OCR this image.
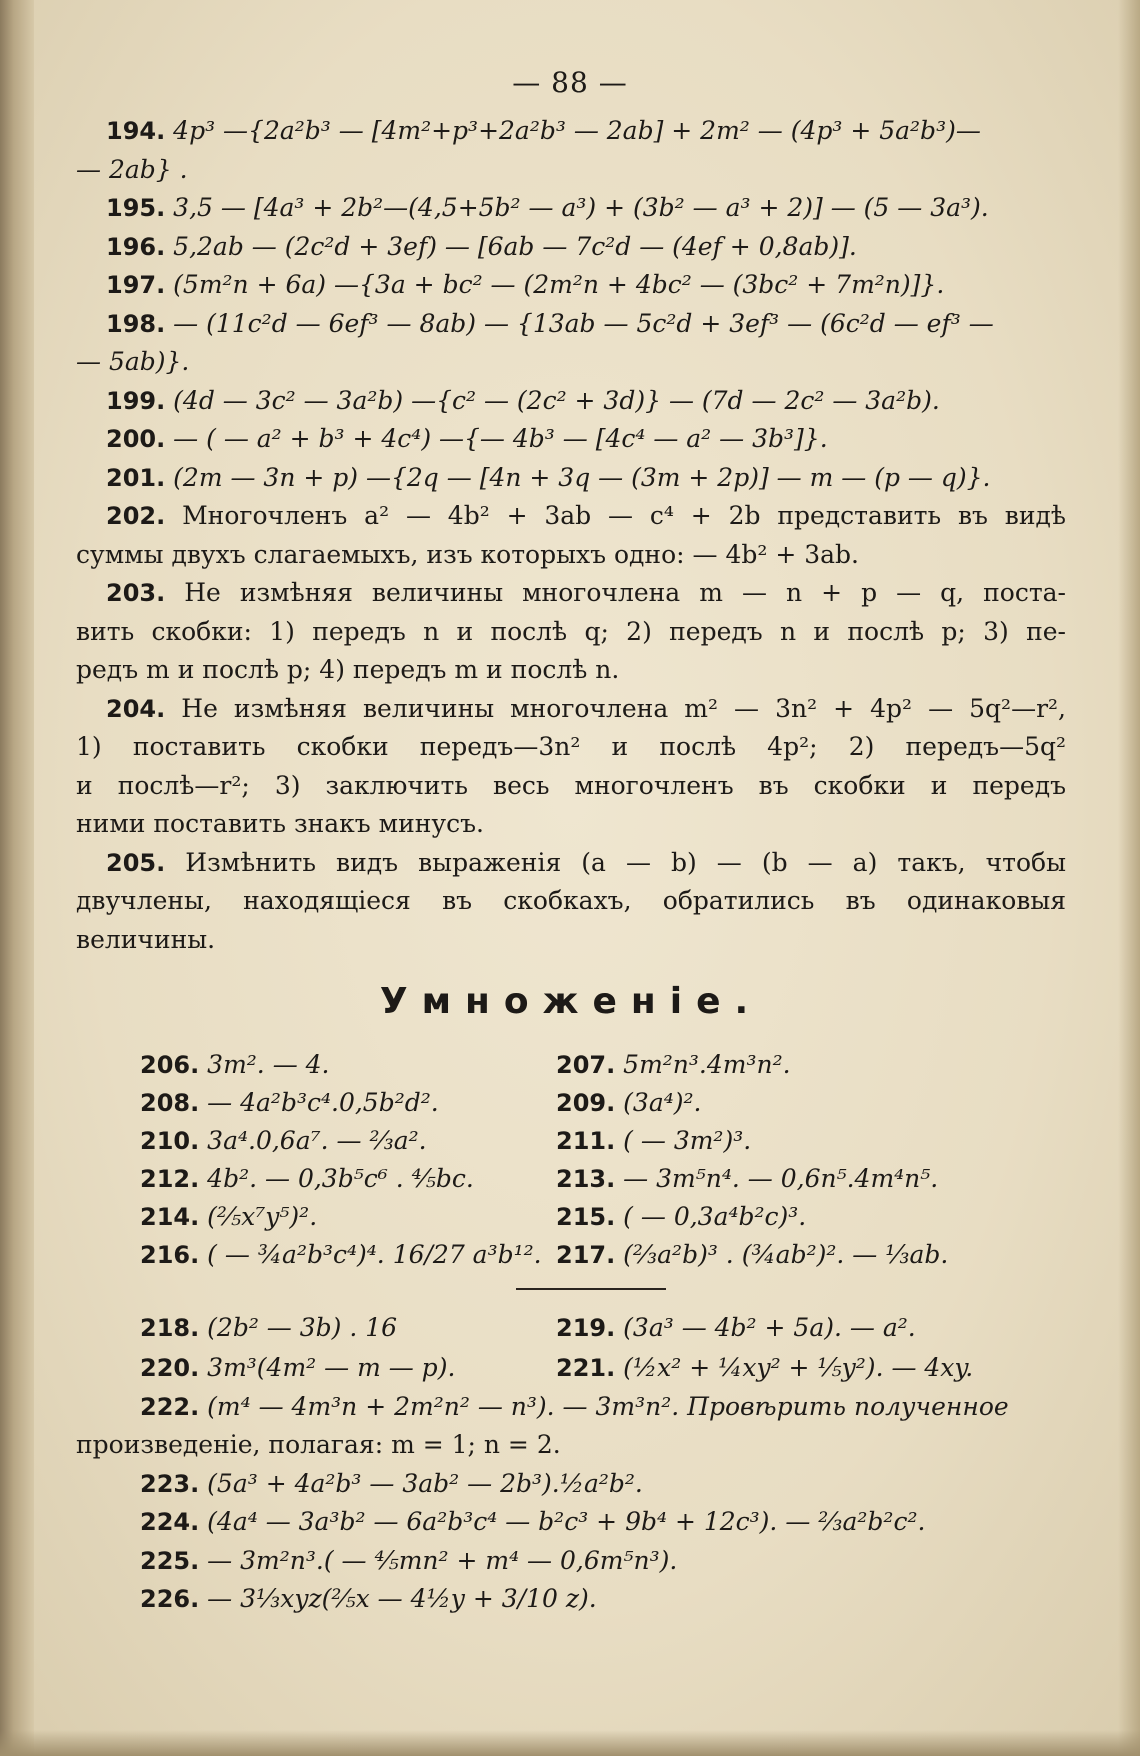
— 88 —
194. 4p³ —{2a²b³ — [4m²+p³+2a²b³ — 2ab] + 2m² — (4p³ + 5a²b³)—
— 2ab} .
195. 3,5 — [4a³ + 2b²—(4,5+5b² — a³) + (3b² — a³ + 2)] — (5 — 3a³).
196. 5,2ab — (2c²d + 3ef) — [6ab — 7c²d — (4ef + 0,8ab)].
197. (5m²n + 6a) —{3a + bc² — (2m²n + 4bc² — (3bc² + 7m²n)]}.
198. — (11c²d — 6ef³ — 8ab) — {13ab — 5c²d + 3ef³ — (6c²d — ef³ —
— 5ab)}.
199. (4d — 3c² — 3a²b) —{c² — (2c² + 3d)} — (7d — 2c² — 3a²b).
200. — ( — a² + b³ + 4c⁴) —{— 4b³ — [4c⁴ — a² — 3b³]}.
201. (2m — 3n + p) —{2q — [4n + 3q — (3m + 2p)] — m — (p — q)}.
202. Многочленъ a² — 4b² + 3ab — c⁴ + 2b представить въ видѣ
суммы двухъ слагаемыхъ, изъ которыхъ одно: — 4b² + 3ab.
203. Не измѣняя величины многочлена m — n + p — q, поста-
вить скобки: 1) передъ n и послѣ q; 2) передъ n и послѣ p; 3) пе-
редъ m и послѣ p; 4) передъ m и послѣ n.
204. Не измѣняя величины многочлена m² — 3n² + 4p² — 5q²—r²,
1) поставить скобки передъ—3n² и послѣ 4p²; 2) передъ—5q²
и послѣ—r²; 3) заключить весь многочленъ въ скобки и передъ
ними поставить знакъ минусъ.
205. Измѣнить видъ выраженія (a — b) — (b — a) такъ, чтобы
двучлены, находящіеся въ скобкахъ, обратились въ одинаковыя
величины.
Умноженіе.
206. 3m². — 4.	207. 5m²n³.4m³n².
208. — 4a²b³c⁴.0,5b²d².	209. (3a⁴)².
210. 3a⁴.0,6a⁷. — ⅔a².	211. ( — 3m²)³.
212. 4b². — 0,3b⁵c⁶ . ⅘bc.	213. — 3m⁵n⁴. — 0,6n⁵.4m⁴n⁵.
214. (⅖x⁷y⁵)².	215. ( — 0,3a⁴b²c)³.
216. ( — ¾a²b³c⁴)⁴. 16/27 a³b¹². 217. (⅔a²b)³ . (¾ab²)². — ⅓ab.
218. (2b² — 3b) . 16	219. (3a³ — 4b² + 5a). — a².
220. 3m³(4m² — m — p).	221. (½x² + ¼xy² + ⅕y²). — 4xy.
222. (m⁴ — 4m³n + 2m²n² — n³). — 3m³n². Провѣрить полученное
произведеніе, полагая: m = 1; n = 2.
223. (5a³ + 4a²b³ — 3ab² — 2b³).½a²b².
224. (4a⁴ — 3a³b² — 6a²b³c⁴ — b²c³ + 9b⁴ + 12c³). — ⅔a²b²c².
225. — 3m²n³.( — ⅘mn² + m⁴ — 0,6m⁵n³).
226. — 3⅓xyz(⅖x — 4½y + 3/10 z).
